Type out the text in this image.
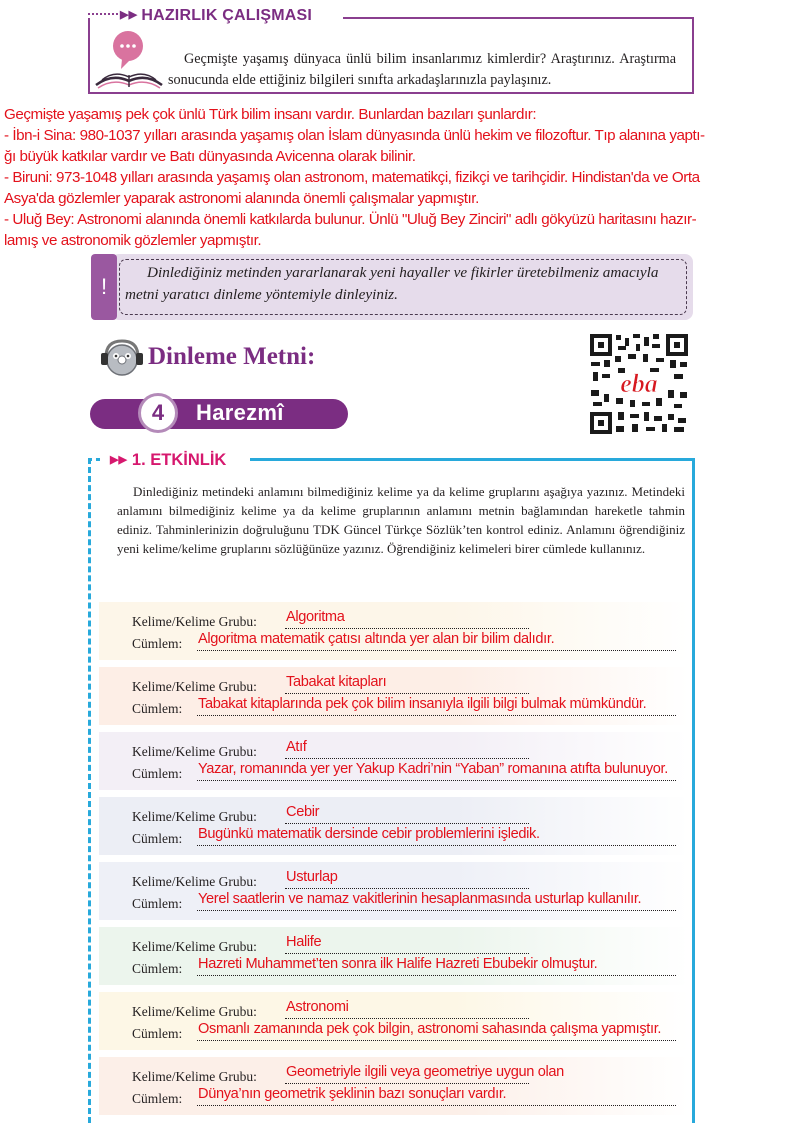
▶▶ HAZIRLIK ÇALIŞMASI

Geçmişte yaşamış dünyaca ünlü bilim insanlarımız kimlerdir? Araştırınız. Araştırma sonucunda elde ettiğiniz bilgileri sınıfta arkadaşlarınızla paylaşınız.

Geçmişte yaşamış pek çok ünlü Türk bilim insanı vardır. Bunlardan bazıları şunlardır:

- İbn-i Sina: 980-1037 yılları arasında yaşamış olan İslam dünyasında ünlü hekim ve filozoftur. Tıp alanına yaptı-

ğı büyük katkılar vardır ve Batı dünyasında Avicenna olarak bilinir.

- Biruni: 973-1048 yılları arasında yaşamış olan astronom, matematikçi, fizikçi ve tarihçidir. Hindistan'da ve Orta

Asya'da gözlemler yaparak astronomi alanında önemli çalışmalar yapmıştır.

- Uluğ Bey: Astronomi alanında önemli katkılarda bulunur. Ünlü "Uluğ Bey Zinciri" adlı gökyüzü haritasını hazır-

lamış ve astronomik gözlemler yapmıştır.

!

Dinlediğiniz metinden yararlanarak yeni hayaller ve fikirler üretebilmeniz amacıyla metni yaratıcı dinleme yöntemiyle dinleyiniz.

Dinleme Metni:
4	Harezmî
eba
▶▶ 1. ETKİNLİK

Dinlediğiniz metindeki anlamını bilmediğiniz kelime ya da kelime gruplarını aşağıya yazınız. Metindeki anlamını bilmediğiniz kelime ya da kelime gruplarının anlamını metnin bağlamından hareketle tahmin ediniz. Tahminlerinizin doğruluğunu TDK Güncel Türkçe Sözlük’ten kontrol ediniz. Anlamını öğrendiğiniz yeni kelime/kelime gruplarını sözlüğünüze yazınız. Öğrendiğiniz kelimeleri birer cümlede kullanınız.

Kelime/Kelime Grubu: Algoritma
Cümlem: Algoritma matematik çatısı altında yer alan bir bilim dalıdır.
Kelime/Kelime Grubu: Tabakat kitapları
Cümlem: Tabakat kitaplarında pek çok bilim insanıyla ilgili bilgi bulmak mümkündür.
Kelime/Kelime Grubu: Atıf
Cümlem: Yazar, romanında yer yer Yakup Kadri’nin “Yaban” romanına atıfta bulunuyor.
Kelime/Kelime Grubu: Cebir
Cümlem: Bugünkü matematik dersinde cebir problemlerini işledik.
Kelime/Kelime Grubu: Usturlap
Cümlem: Yerel saatlerin ve namaz vakitlerinin hesaplanmasında usturlap kullanılır.
Kelime/Kelime Grubu: Halife
Cümlem: Hazreti Muhammet’ten sonra ilk Halife Hazreti Ebubekir olmuştur.
Kelime/Kelime Grubu: Astronomi
Cümlem: Osmanlı zamanında pek çok bilgin, astronomi sahasında çalışma yapmıştır.
Kelime/Kelime Grubu: Geometriyle ilgili veya geometriye uygun olan
Cümlem: Dünya’nın geometrik şeklinin bazı sonuçları vardır.
